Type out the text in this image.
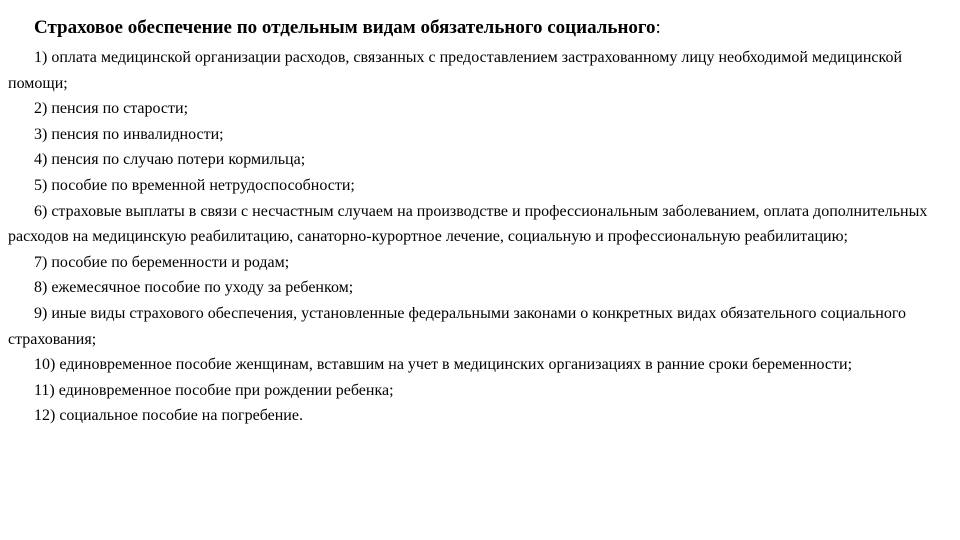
Страховое обеспечение по отдельным видам обязательного социального:
1) оплата медицинской организации расходов, связанных с предоставлением застрахованному лицу необходимой медицинской помощи;
2) пенсия по старости;
3) пенсия по инвалидности;
4) пенсия по случаю потери кормильца;
5) пособие по временной нетрудоспособности;
6) страховые выплаты в связи с несчастным случаем на производстве и профессиональным заболеванием, оплата дополнительных расходов на медицинскую реабилитацию, санаторно-курортное лечение, социальную и профессиональную реабилитацию;
7) пособие по беременности и родам;
8) ежемесячное пособие по уходу за ребенком;
9) иные виды страхового обеспечения, установленные федеральными законами о конкретных видах обязательного социального страхования;
10) единовременное пособие женщинам, вставшим на учет в медицинских организациях в ранние сроки беременности;
11) единовременное пособие при рождении ребенка;
12) социальное пособие на погребение.
